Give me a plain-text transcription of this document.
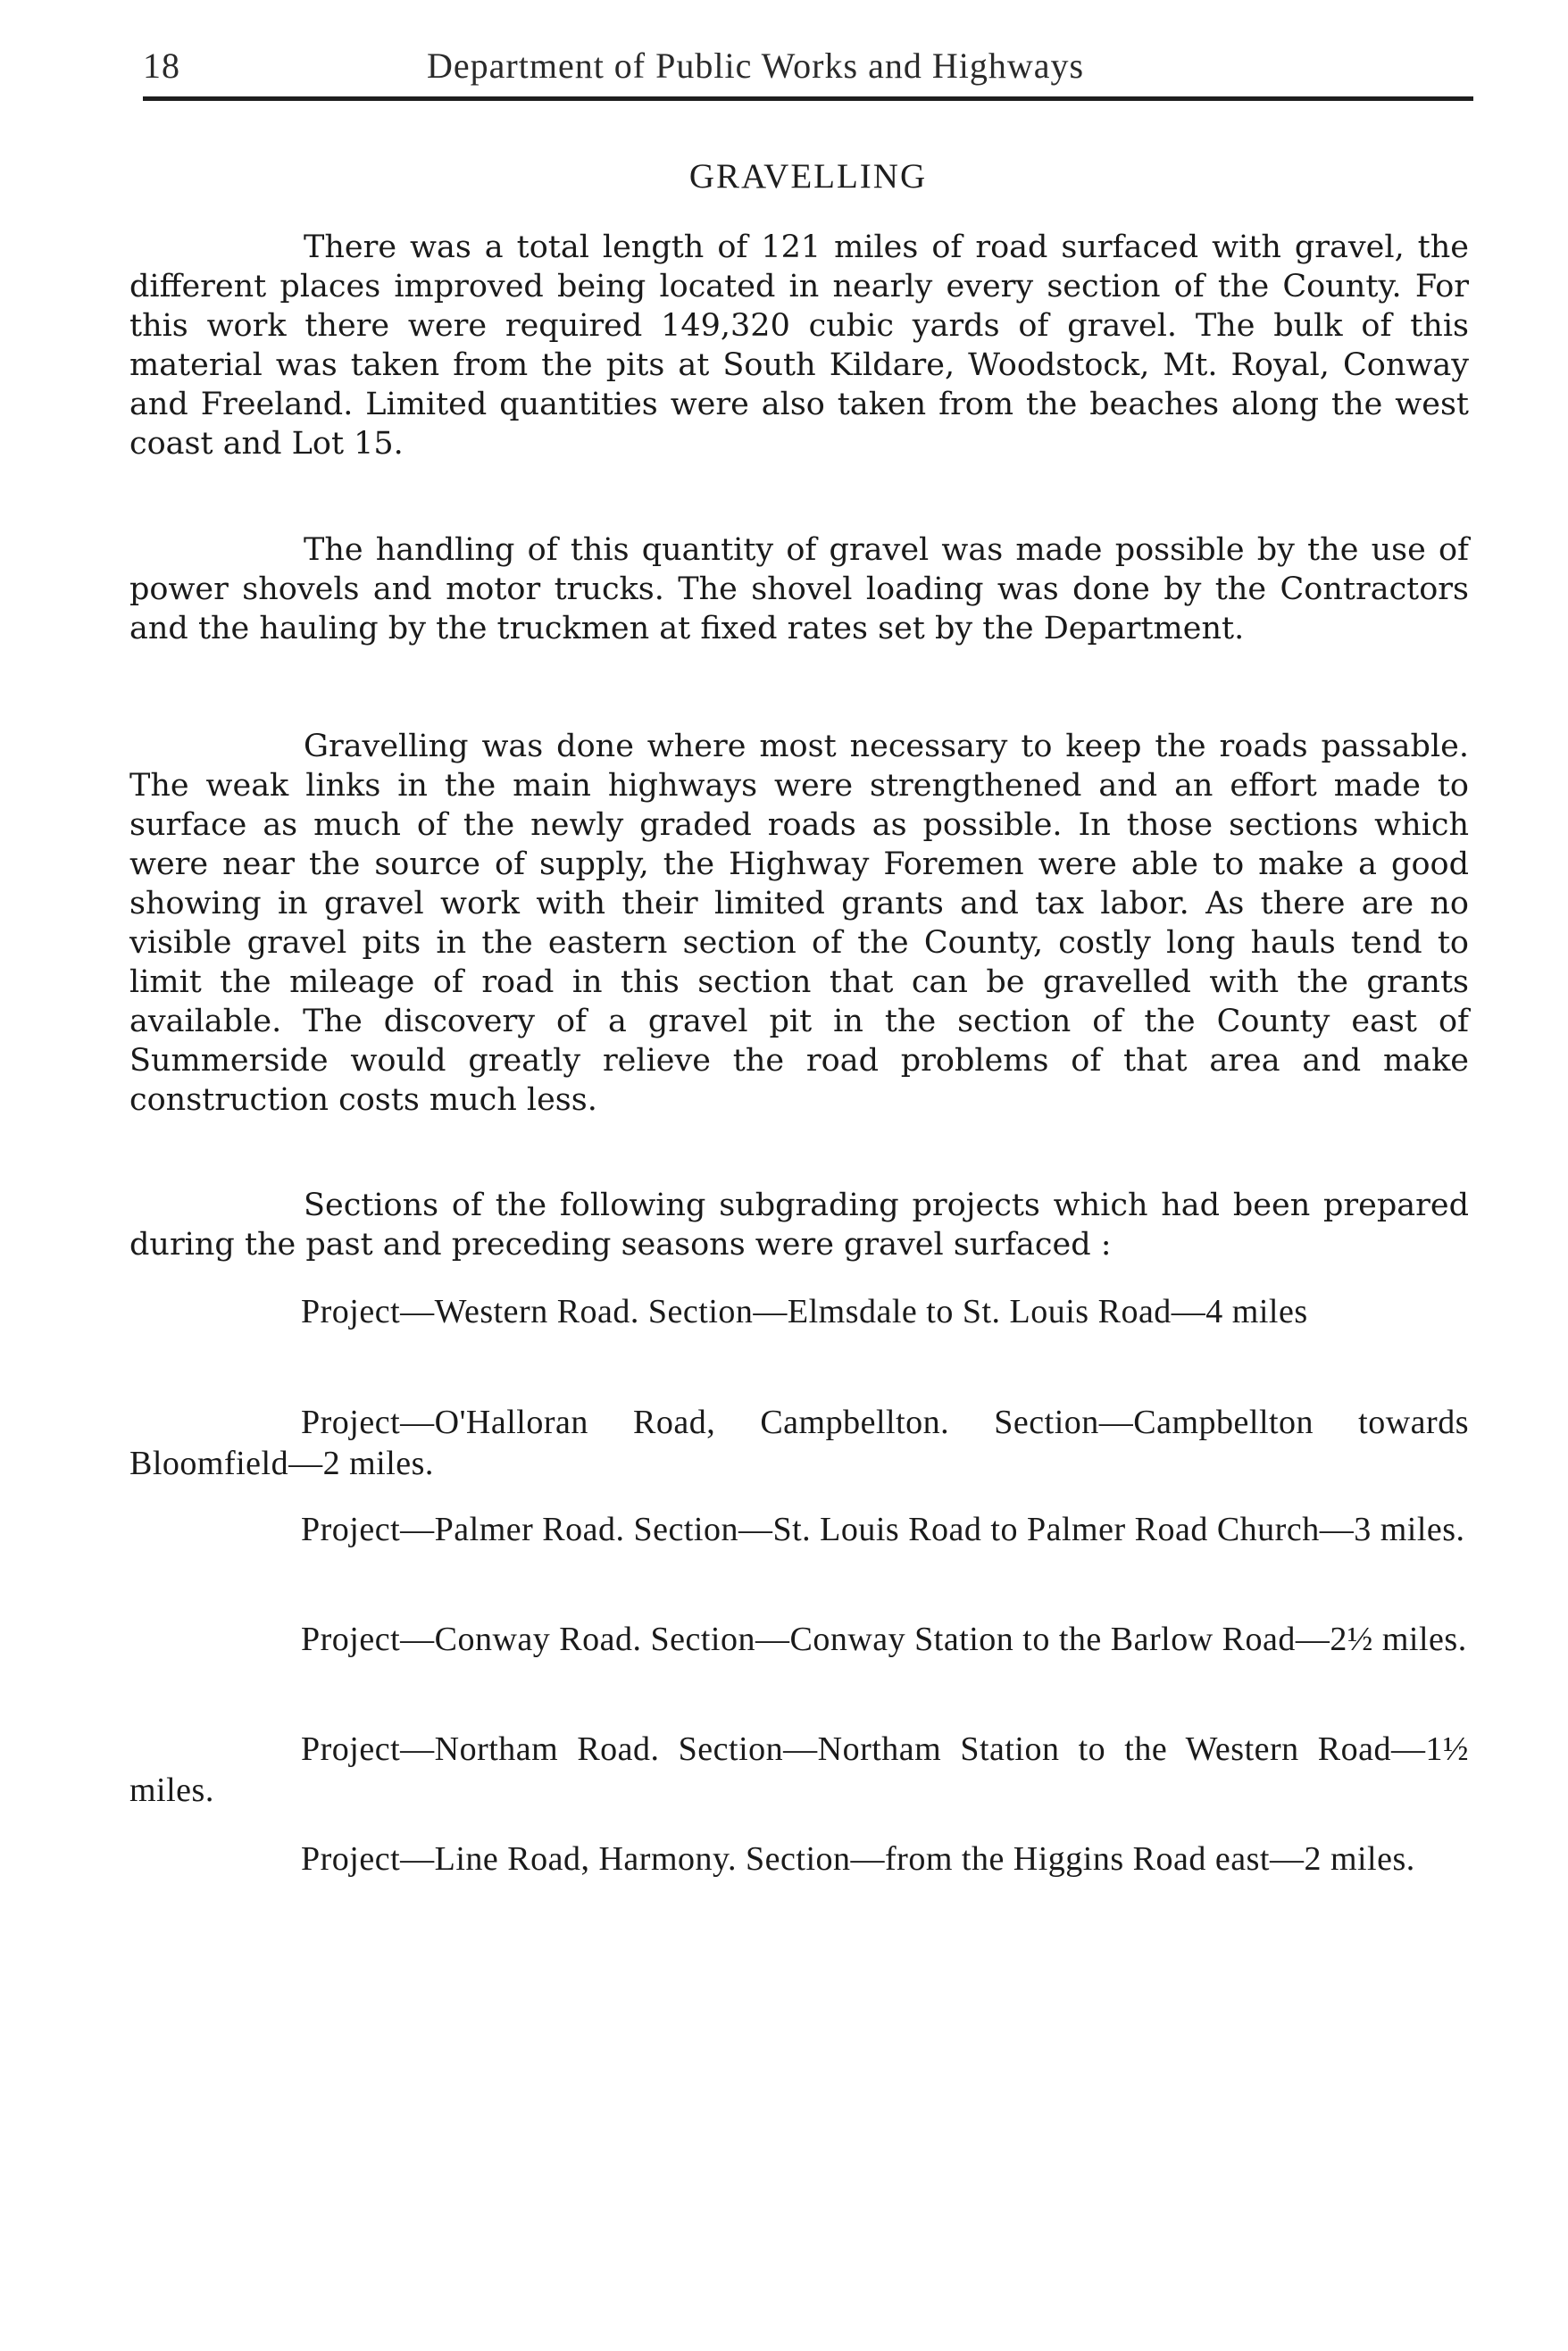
18	Department of Public Works and Highways
GRAVELLING

There was a total length of 121 miles of road surfaced with gravel, the different places improved being located in nearly every section of the County. For this work there were required 149,320 cubic yards of gravel. The bulk of this material was taken from the pits at South Kildare, Woodstock, Mt. Royal, Conway and Freeland. Limited quantities were also taken from the beaches along the west coast and Lot 15.

The handling of this quantity of gravel was made possible by the use of power shovels and motor trucks. The shovel loading was done by the Contractors and the hauling by the truckmen at fixed rates set by the Department.

Gravelling was done where most necessary to keep the roads passable. The weak links in the main highways were strengthened and an effort made to surface as much of the newly graded roads as possible. In those sections which were near the source of supply, the Highway Foremen were able to make a good showing in gravel work with their limited grants and tax labor. As there are no visible gravel pits in the eastern section of the County, costly long hauls tend to limit the mileage of road in this section that can be gravelled with the grants available. The discovery of a gravel pit in the section of the County east of Summerside would greatly relieve the road problems of that area and make construction costs much less.

Sections of the following subgrading projects which had been prepared during the past and preceding seasons were gravel surfaced :

Project—Western Road. Section—Elmsdale to St. Louis Road—4 miles

Project—O'Halloran Road, Campbellton. Section—Campbellton towards Bloomfield—2 miles.

Project—Palmer Road. Section—St. Louis Road to Palmer Road Church—3 miles.

Project—Conway Road. Section—Conway Station to the Barlow Road—2½ miles.

Project—Northam Road. Section—Northam Station to the Western Road—1½ miles.

Project—Line Road, Harmony. Section—from the Higgins Road east—2 miles.
